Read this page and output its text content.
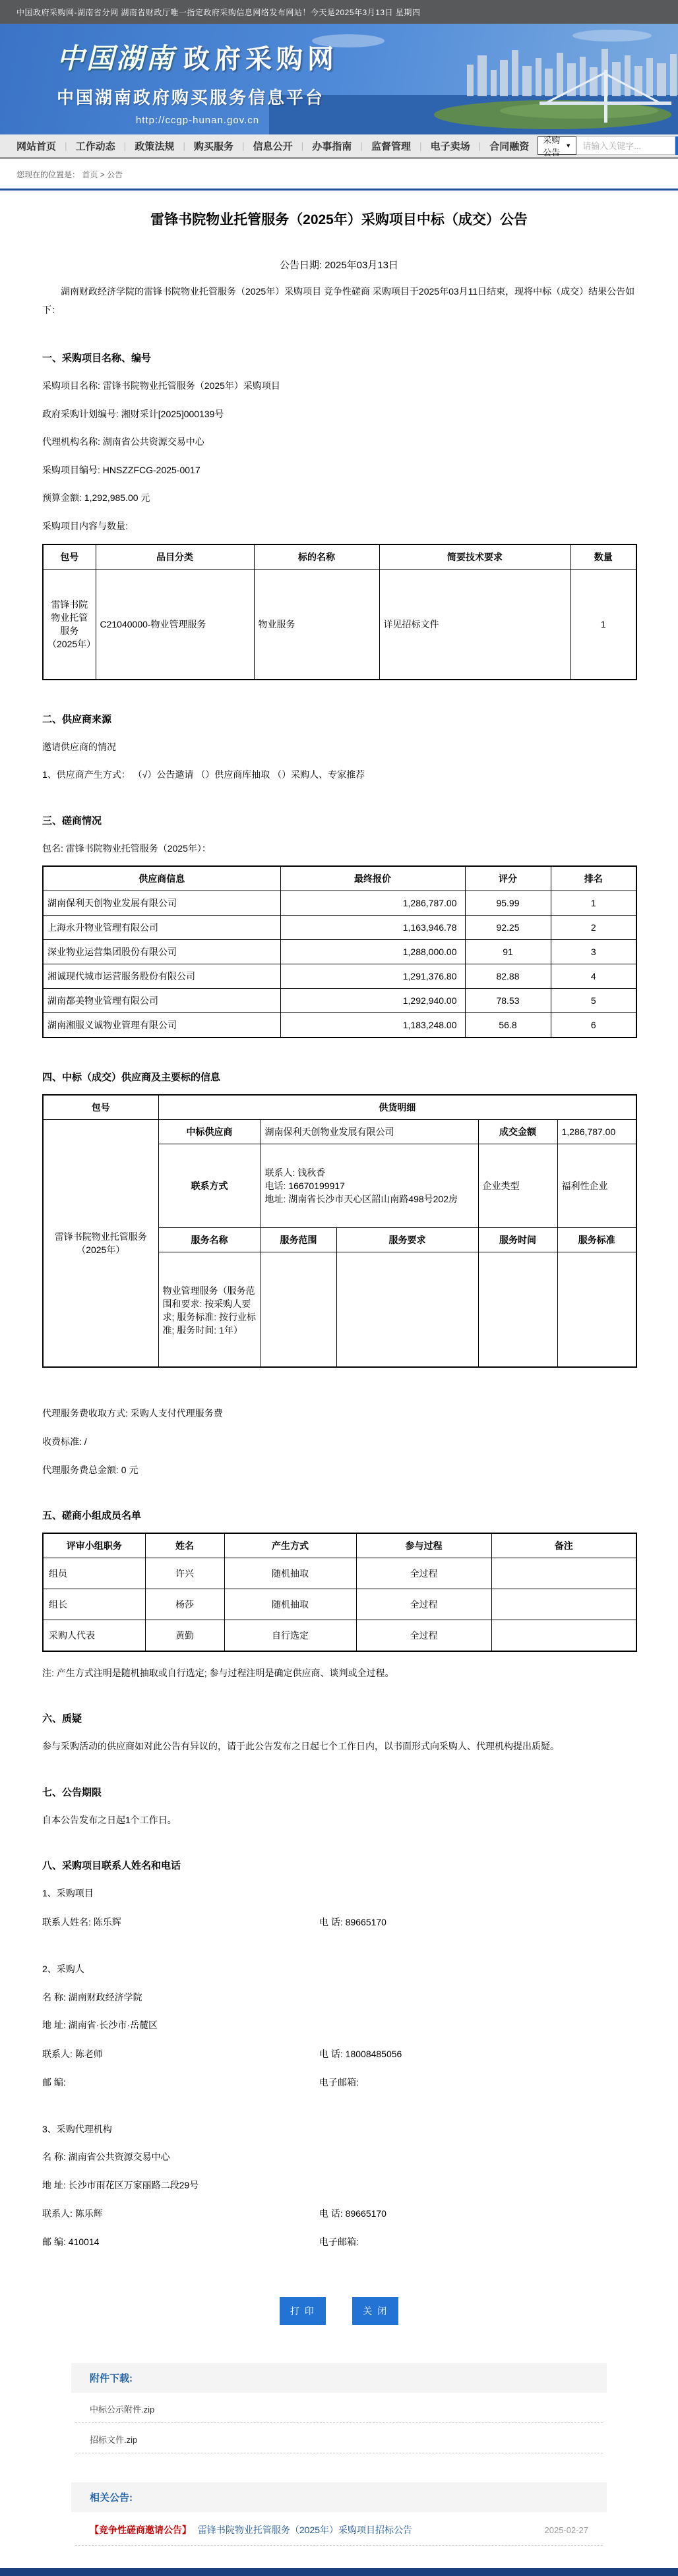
中国政府采购网-湖南省分网 湖南省财政厅唯一指定政府采购信息网络发布网站！今天是2025年3月13日 星期四
中国湖南 政府采购网
中国湖南政府购买服务信息平台
http://ccgp-hunan.gov.cn
网站首页 | 工作动态 | 政策法规 | 购买服务 | 信息公开 | 办事指南 | 监督管理 | 电子卖场 | 合同融资
采购公告
▼
请输入关键字...
您现在的位置是： 首页 > 公告
雷锋书院物业托管服务（2025年）采购项目中标（成交）公告
公告日期: 2025年03月13日
湖南财政经济学院的雷锋书院物业托管服务（2025年）采购项目 竞争性磋商 采购项目于2025年03月11日结束，现将中标（成交）结果公告如下：
一、采购项目名称、编号
采购项目名称: 雷锋书院物业托管服务（2025年）采购项目
政府采购计划编号: 湘财采计[2025]000139号
代理机构名称: 湖南省公共资源交易中心
采购项目编号: HNSZZFCG-2025-0017
预算金额: 1,292,985.00 元
采购项目内容与数量:
包号	品目分类	标的名称	简要技术要求	数量
雷锋书院物业托管服务（2025年）	C21040000-物业管理服务	物业服务	详见招标文件	1
二、供应商来源
邀请供应商的情况
1、供应商产生方式： （√）公告邀请 （）供应商库抽取 （）采购人、专家推荐
三、磋商情况
包名: 雷锋书院物业托管服务（2025年）：
供应商信息	最终报价	评分	排名
湖南保利天创物业发展有限公司	1,286,787.00	95.99	1
上海永升物业管理有限公司	1,163,946.78	92.25	2
深业物业运营集团股份有限公司	1,288,000.00	91	3
湘诚现代城市运营服务股份有限公司	1,291,376.80	82.88	4
湖南都美物业管理有限公司	1,292,940.00	78.53	5
湖南湘服义诚物业管理有限公司	1,183,248.00	56.8	6
四、中标（成交）供应商及主要标的信息
包号	供货明细				
雷锋书院物业托管服务（2025年）	中标供应商	湖南保利天创物业发展有限公司		成交金额	1,286,787.00
	联系方式	联系人: 钱秋香
电话: 16670199917
地址: 湖南省长沙市天心区韶山南路498号202房		企业类型	福利性企业
	服务名称	服务范围	服务要求	服务时间	服务标准
	物业管理服务（服务范围和要求: 按采购人要求; 服务标准: 按行业标准; 服务时间: 1年）				
代理服务费收取方式: 采购人支付代理服务费
收费标准: /
代理服务费总金额: 0 元
五、磋商小组成员名单
评审小组职务	姓名	产生方式	参与过程	备注
组员	许兴	随机抽取	全过程	
组长	杨莎	随机抽取	全过程	
采购人代表	黄勤	自行选定	全过程	
注: 产生方式注明是随机抽取或自行选定; 参与过程注明是确定供应商、谈判或全过程。
六、质疑
参与采购活动的供应商如对此公告有异议的，请于此公告发布之日起七个工作日内，以书面形式向采购人、代理机构提出质疑。
七、公告期限
自本公告发布之日起1个工作日。
八、采购项目联系人姓名和电话
1、采购项目
联系人姓名: 陈乐辉	电 话: 89665170
2、采购人
名 称: 湖南财政经济学院
地 址: 湖南省·长沙市·岳麓区
联系人: 陈老师	电 话: 18008485056
邮 编:	电子邮箱:
3、采购代理机构
名 称: 湖南省公共资源交易中心
地 址: 长沙市雨花区万家丽路二段29号
联系人: 陈乐辉	电 话: 89665170
邮 编: 410014	电子邮箱:
打 印	关 闭
附件下载:
中标公示附件.zip
招标文件.zip
相关公告:
【竞争性磋商邀请公告】 雷锋书院物业托管服务（2025年）采购项目招标公告	2025-02-27
